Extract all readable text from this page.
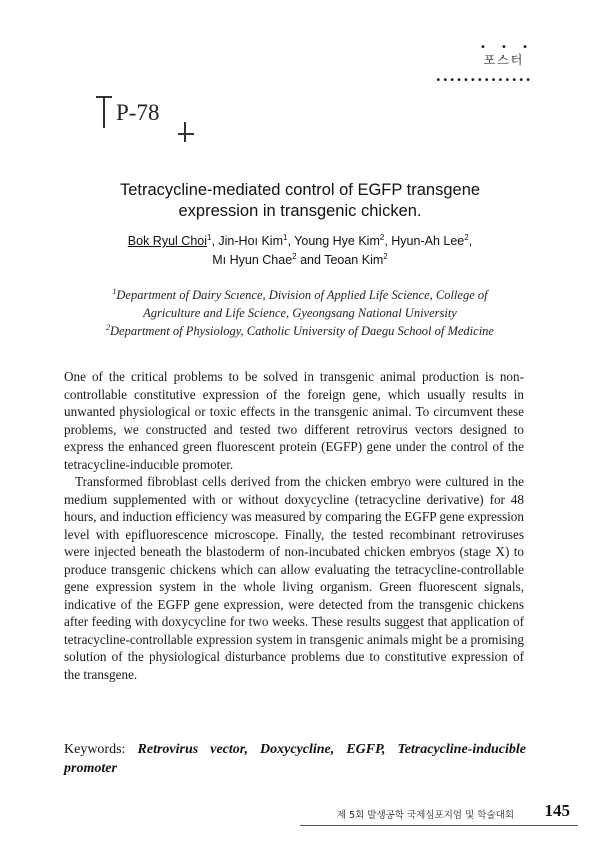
• • •
포스터
••••••••••••••
P-78
Tetracycline-mediated control of EGFP transgene
expression in transgenic chicken.
Bok Ryul Choi$^1$, Jin-Hoı Kim$^1$, Young Hye Kim$^2$, Hyun-Ah Lee$^2$,
Mı Hyun Chae$^2$ and Teoan Kim$^2$
$^1$Department of Dairy Scıence, Division of Applied Life Science, College of
Agriculture and Life Science, Gyeongsang National University
$^2$Department of Physiology, Catholic University of Daegu School of Medicine

One of the critical problems to be solved in transgenic animal production is non-controllable constitutive expression of the foreign gene, which usually results in unwanted physiological or toxic effects in the transgenic animal. To circumvent these problems, we constructed and tested two different retrovirus vectors designed to express the enhanced green fluorescent protein (EGFP) gene under the control of the tetracycline-inducıble promoter.

Transformed fibroblast cells derived from the chicken embryo were cultured in the medium supplemented with or without doxycycline (tetracycline derivative) for 48 hours, and induction efficiency was measured by comparing the EGFP gene expression level with epifluorescence microscope. Finally, the tested recombinant retroviruses were injected beneath the blastoderm of non-incubated chicken embryos (stage X) to produce transgenic chickens which can allow evaluating the tetracycline-controllable gene expression system in the whole living organism. Green fluorescent signals, indicative of the EGFP gene expression, were detected from the transgenic chickens after feeding with doxycycline for two weeks. These results suggest that application of tetracycline-controllable expression system in transgenic animals might be a promising solution of the physiological disturbance problems due to constitutive expression of the transgene.

Keywords: Retrovirus vector, Doxycycline, EGFP, Tetracycline-inducible promoter
제 5회 발생공학 국제심포지엄 및 학술대회 145
